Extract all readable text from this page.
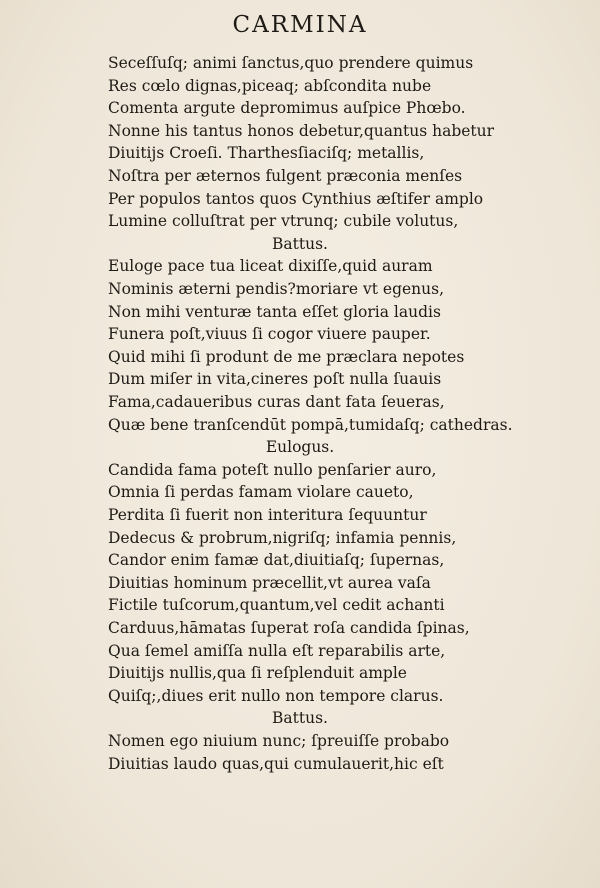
CARMINA
Seceſſuſq; animi ſanctus,quo prendere quimus
Res cœlo dignas,piceaq; abſcondita nube
Comenta argute depromimus auſpice Phœbo.
Nonne his tantus honos debetur,quantus habetur
Diuitijs Croeſi. Tharthesſiaciſq; metallis,
Noſtra per æternos fulgent præconia menſes
Per populos tantos quos Cynthius æſtifer amplo
Lumine colluſtrat per vtrunq; cubile volutus,
Battus.
Euloge pace tua liceat dixiſſe,quid auram
Nominis æterni pendis?moriare vt egenus,
Non mihi venturæ tanta eſſet gloria laudis
Funera poſt,viuus ſi cogor viuere pauper.
Quid mihi ſi produnt de me præclara nepotes
Dum miſer in vita,cineres poſt nulla ſuauis
Fama,cadaueribus curas dant fata ſeueras,
Quæ bene tranſcendūt pompā,tumidaſq; cathedras.
Eulogus.
Candida fama poteſt nullo penſarier auro,
Omnia ſi perdas famam violare caueto,
Perdita ſi fuerit non interitura ſequuntur
Dedecus & probrum,nigriſq; infamia pennis,
Candor enim famæ dat,diuitiaſq; ſupernas,
Diuitias hominum præcellit,vt aurea vaſa
Fictile tuſcorum,quantum,vel cedit achanti
Carduus,hāmatas ſuperat roſa candida ſpinas,
Qua ſemel amiſſa nulla eſt reparabilis arte,
Diuitijs nullis,qua ſi reſplenduit ample
Quiſq;,diues erit nullo non tempore clarus.
Battus.
Nomen ego niuium nunc; ſpreuiſſe probabo
Diuitias laudo quas,qui cumulauerit,hic eſt
